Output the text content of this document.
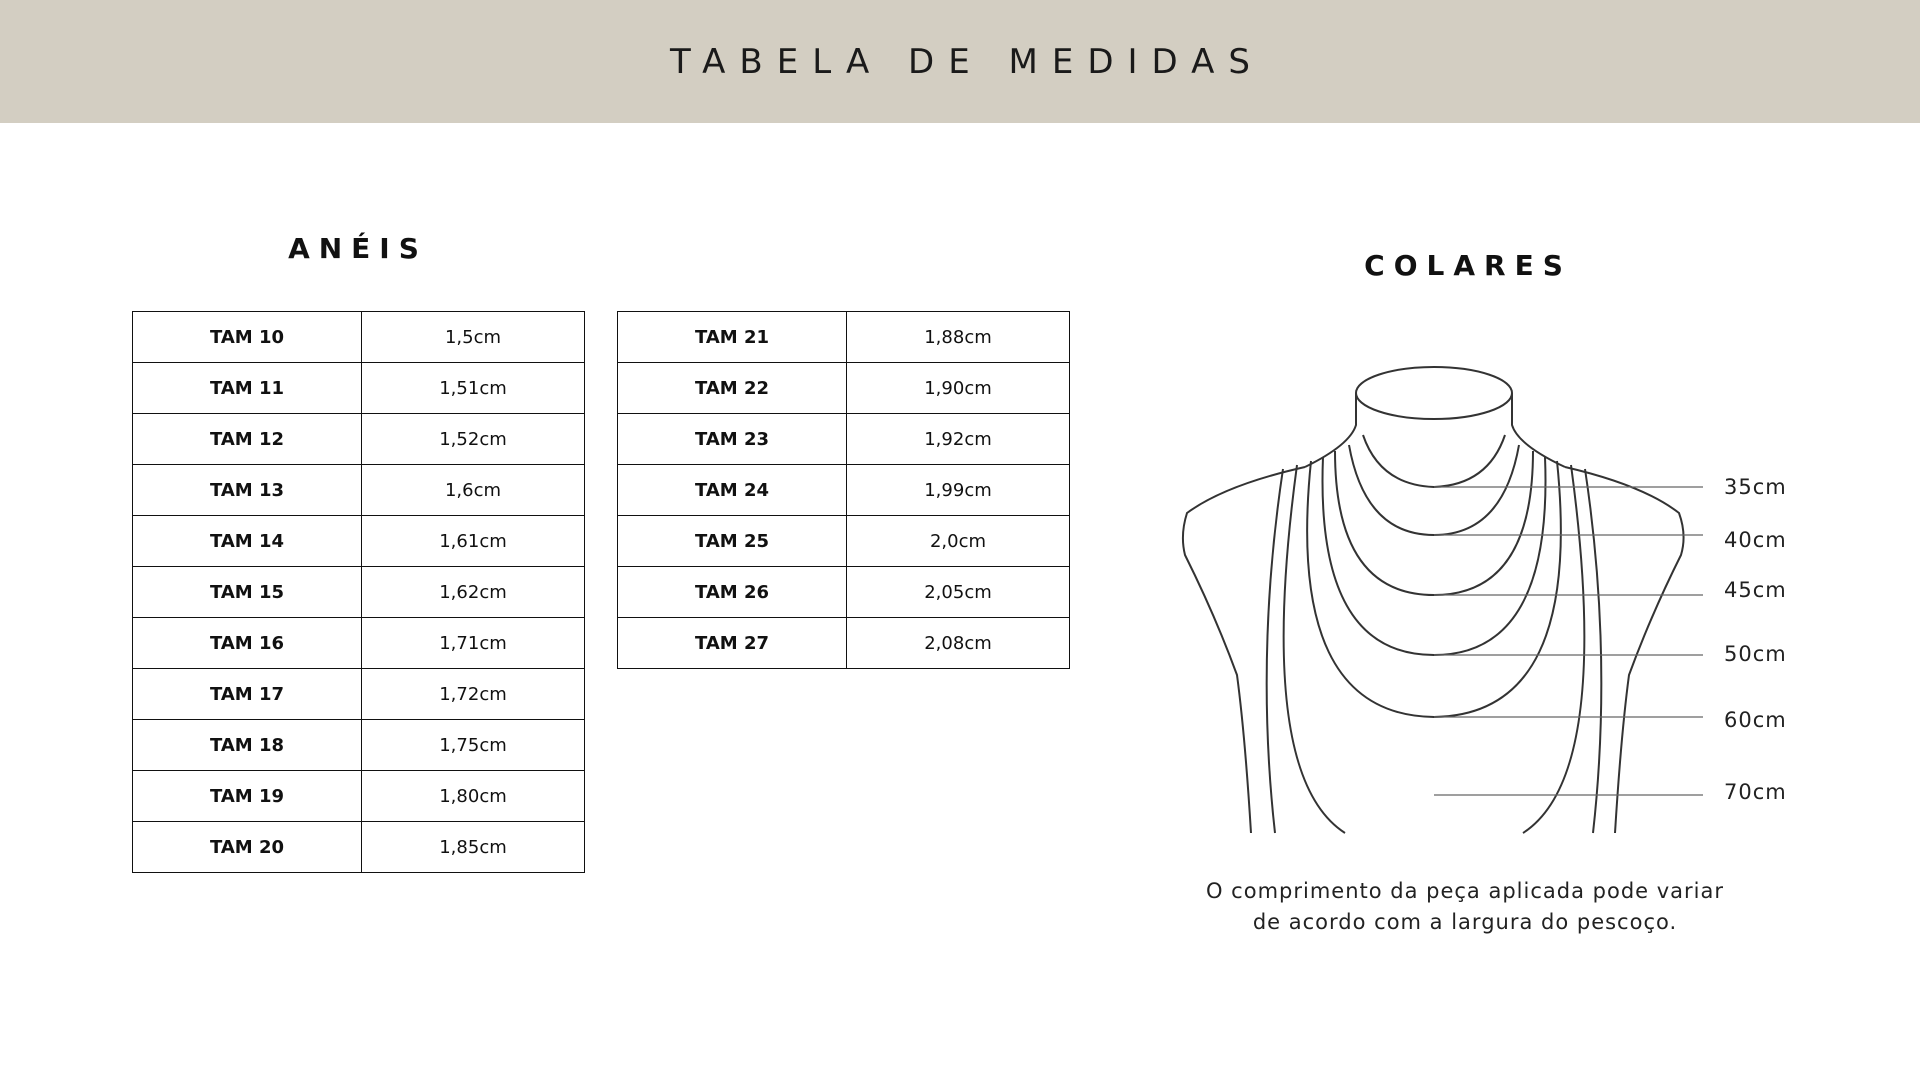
TABELA DE MEDIDAS
ANÉIS
COLARES
TAM 10	1,5cm
TAM 11	1,51cm
TAM 12	1,52cm
TAM 13	1,6cm
TAM 14	1,61cm
TAM 15	1,62cm
TAM 16	1,71cm
TAM 17	1,72cm
TAM 18	1,75cm
TAM 19	1,80cm
TAM 20	1,85cm
TAM 21	1,88cm
TAM 22	1,90cm
TAM 23	1,92cm
TAM 24	1,99cm
TAM 25	2,0cm
TAM 26	2,05cm
TAM 27	2,08cm
35cm
40cm
45cm
50cm
60cm
70cm
O comprimento da peça aplicada pode variar
de acordo com a largura do pescoço.
